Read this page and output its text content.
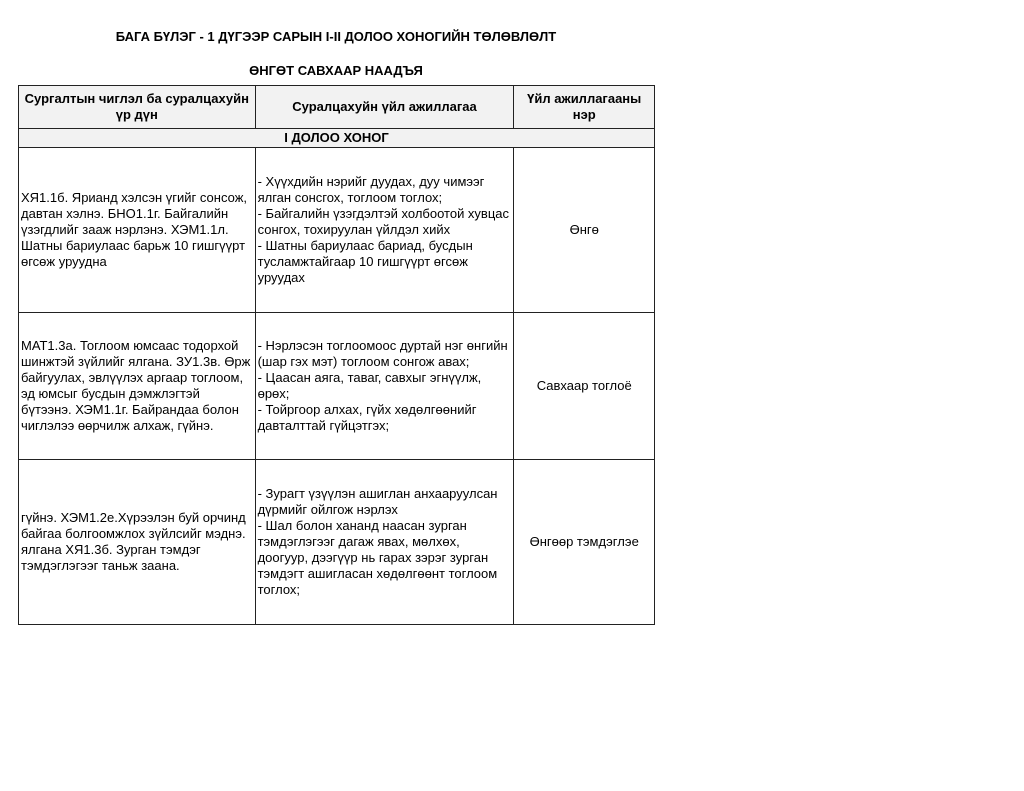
БАГА БҮЛЭГ - 1 ДҮГЭЭР САРЫН I-II ДОЛОО ХОНОГИЙН ТӨЛӨВЛӨЛТ

ӨНГӨТ САВХААР НААДЪЯ

Сургалтын чиглэл ба суралцахуйн үр дүн	Суралцахуйн үйл ажиллагаа	Үйл ажиллагааны нэр
I ДОЛОО ХОНОГ		
ХЯ1.1б. Ярианд хэлсэн үгийг сонсож, давтан хэлнэ. БНО1.1г. Байгалийн үзэгдлийг зааж нэрлэнэ. ХЭМ1.1л. Шатны бариулаас барьж 10 гишгүүрт өгсөж уруудна	- Хүүхдийн нэрийг дуудах, дуу чимээг ялган сонсгох, тоглоом тоглох;
- Байгалийн үзэгдэлтэй холбоотой хувцас сонгох, тохируулан үйлдэл хийх
- Шатны бариулаас бариад, бусдын тусламжтайгаар 10 гишгүүрт өгсөж уруудах	Өнгө
МАТ1.3а. Тоглоом юмсаас тодорхой шинжтэй зүйлийг ялгана. ЗУ1.3в. Өрж байгуулах, эвлүүлэх аргаар тоглоом, эд юмсыг бусдын дэмжлэгтэй бүтээнэ. ХЭМ1.1г. Байрандаа болон чиглэлээ өөрчилж алхаж, гүйнэ.	- Нэрлэсэн тоглоомоос дуртай нэг өнгийн (шар гэх мэт) тоглоом сонгож авах;
- Цаасан аяга, таваг, савхыг эгнүүлж, өрөх;
- Тойргоор алхах, гүйх хөдөлгөөнийг давталттай гүйцэтгэх;	Савхаар тоглоё
гүйнэ. ХЭМ1.2е.Хүрээлэн буй орчинд байгаа болгоомжлох зүйлсийг мэднэ. ялгана ХЯ1.3б. Зурган тэмдэг тэмдэглэгээг таньж заана.	- Зурагт үзүүлэн ашиглан анхааруулсан дүрмийг ойлгож нэрлэх
- Шал болон хананд наасан зурган тэмдэглэгээг дагаж явах, мөлхөх, доогуур, дээгүүр нь гарах зэрэг зурган тэмдэгт ашигласан хөдөлгөөнт тоглоом тоглох;	Өнгөөр тэмдэглэе
